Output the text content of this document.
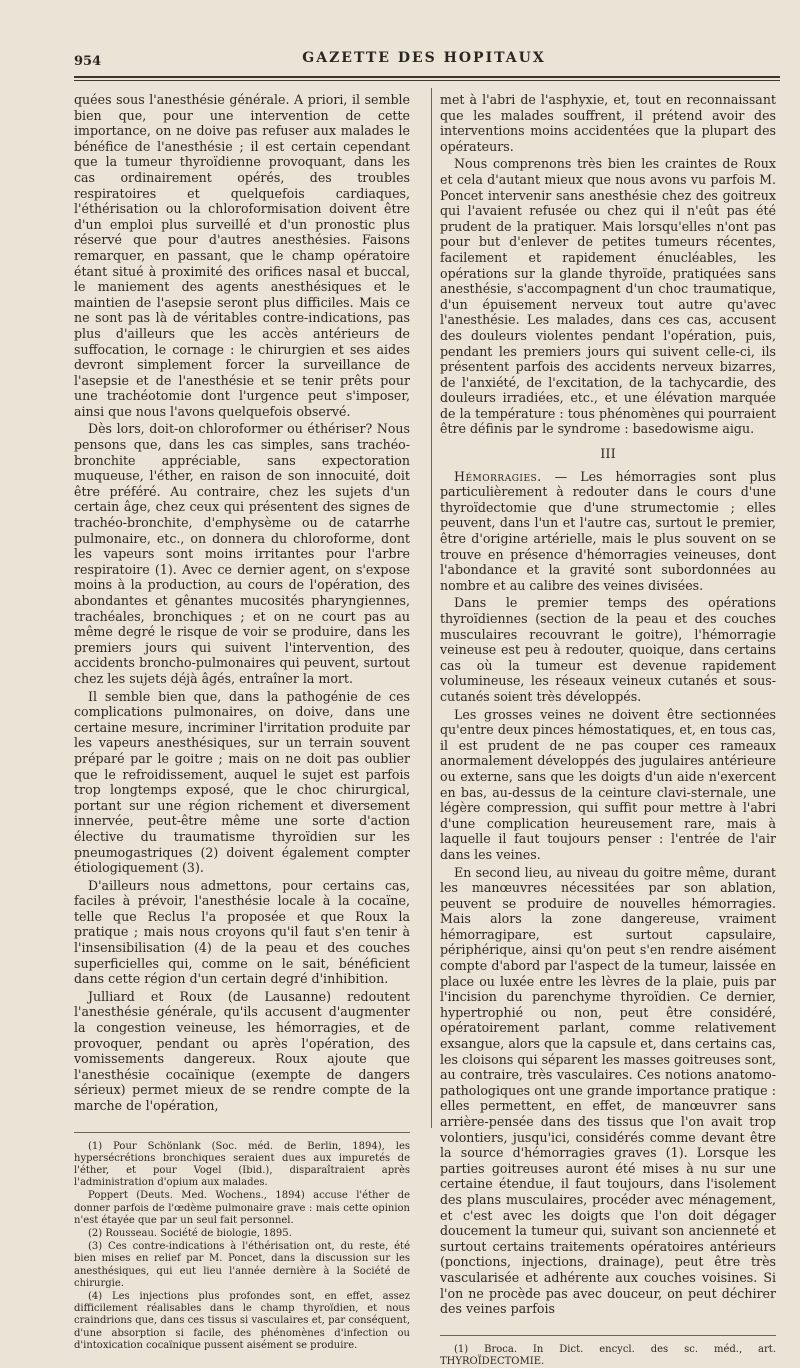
954	GAZETTE DES HOPITAUX

quées sous l'anesthésie générale. A priori, il semble bien que, pour une intervention de cette importance, on ne doive pas refuser aux malades le bénéfice de l'anesthésie ; il est certain cependant que la tumeur thyroïdienne provoquant, dans les cas ordinairement opérés, des troubles respiratoires et quelquefois cardiaques, l'éthérisation ou la chloroformisation doivent être d'un emploi plus surveillé et d'un pronostic plus réservé que pour d'autres anesthésies. Faisons remarquer, en passant, que le champ opératoire étant situé à proximité des orifices nasal et buccal, le maniement des agents anesthésiques et le maintien de l'asepsie seront plus difficiles. Mais ce ne sont pas là de véritables contre-indications, pas plus d'ailleurs que les accès antérieurs de suffocation, le cornage : le chirurgien et ses aides devront simplement forcer la surveillance de l'asepsie et de l'anesthésie et se tenir prêts pour une trachéotomie dont l'urgence peut s'imposer, ainsi que nous l'avons quelquefois observé.

Dès lors, doit-on chloroformer ou éthériser? Nous pensons que, dans les cas simples, sans trachéo-bronchite appréciable, sans expectoration muqueuse, l'éther, en raison de son innocuité, doit être préféré. Au contraire, chez les sujets d'un certain âge, chez ceux qui présentent des signes de trachéo-bronchite, d'emphysème ou de catarrhe pulmonaire, etc., on donnera du chloroforme, dont les vapeurs sont moins irritantes pour l'arbre respiratoire (1). Avec ce dernier agent, on s'expose moins à la production, au cours de l'opération, des abondantes et gênantes mucosités pharyngiennes, trachéales, bronchiques ; et on ne court pas au même degré le risque de voir se produire, dans les premiers jours qui suivent l'intervention, des accidents broncho-pulmonaires qui peuvent, surtout chez les sujets déjà âgés, entraîner la mort.

Il semble bien que, dans la pathogénie de ces complications pulmonaires, on doive, dans une certaine mesure, incriminer l'irritation produite par les vapeurs anesthésiques, sur un terrain souvent préparé par le goitre ; mais on ne doit pas oublier que le refroidissement, auquel le sujet est parfois trop longtemps exposé, que le choc chirurgical, portant sur une région richement et diversement innervée, peut-être même une sorte d'action élective du traumatisme thyroïdien sur les pneumogastriques (2) doivent également compter étiologiquement (3).

D'ailleurs nous admettons, pour certains cas, faciles à prévoir, l'anesthésie locale à la cocaïne, telle que Reclus l'a proposée et que Roux la pratique ; mais nous croyons qu'il faut s'en tenir à l'insensibilisation (4) de la peau et des couches superficielles qui, comme on le sait, bénéficient dans cette région d'un certain degré d'inhibition.

Julliard et Roux (de Lausanne) redoutent l'anesthésie générale, qu'ils accusent d'augmenter la congestion veineuse, les hémorragies, et de provoquer, pendant ou après l'opération, des vomissements dangereux. Roux ajoute que l'anesthésie cocaïnique (exempte de dangers sérieux) permet mieux de se rendre compte de la marche de l'opération,

(1) Pour Schönlank (Soc. méd. de Berlin, 1894), les hypersécrétions bronchiques seraient dues aux impuretés de l'éther, et pour Vogel (Ibid.), disparaîtraient après l'administration d'opium aux malades.

Poppert (Deuts. Med. Wochens., 1894) accuse l'éther de donner parfois de l'œdème pulmonaire grave : mais cette opinion n'est étayée que par un seul fait personnel.

(2) Rousseau. Société de biologie, 1895.

(3) Ces contre-indications à l'éthérisation ont, du reste, été bien mises en relief par M. Poncet, dans la discussion sur les anesthésiques, qui eut lieu l'année dernière à la Société de chirurgie.

(4) Les injections plus profondes sont, en effet, assez difficilement réalisables dans le champ thyroïdien, et nous craindrions que, dans ces tissus si vasculaires et, par conséquent, d'une absorption si facile, des phénomènes d'infection ou d'intoxication cocaïnique pussent aisément se produire.

met à l'abri de l'asphyxie, et, tout en reconnaissant que les malades souffrent, il prétend avoir des interventions moins accidentées que la plupart des opérateurs.

Nous comprenons très bien les craintes de Roux et cela d'autant mieux que nous avons vu parfois M. Poncet intervenir sans anesthésie chez des goitreux qui l'avaient refusée ou chez qui il n'eût pas été prudent de la pratiquer. Mais lorsqu'elles n'ont pas pour but d'enlever de petites tumeurs récentes, facilement et rapidement énucléables, les opérations sur la glande thyroïde, pratiquées sans anesthésie, s'accompagnent d'un choc traumatique, d'un épuisement nerveux tout autre qu'avec l'anesthésie. Les malades, dans ces cas, accusent des douleurs violentes pendant l'opération, puis, pendant les premiers jours qui suivent celle-ci, ils présentent parfois des accidents nerveux bizarres, de l'anxiété, de l'excitation, de la tachycardie, des douleurs irradiées, etc., et une élévation marquée de la température : tous phénomènes qui pourraient être définis par le syndrome : basedowisme aigu.

III

Hémorragies. — Les hémorragies sont plus particulièrement à redouter dans le cours d'une thyroïdectomie que d'une strumectomie ; elles peuvent, dans l'un et l'autre cas, surtout le premier, être d'origine artérielle, mais le plus souvent on se trouve en présence d'hémorragies veineuses, dont l'abondance et la gravité sont subordonnées au nombre et au calibre des veines divisées.

Dans le premier temps des opérations thyroïdiennes (section de la peau et des couches musculaires recouvrant le goitre), l'hémorragie veineuse est peu à redouter, quoique, dans certains cas où la tumeur est devenue rapidement volumineuse, les réseaux veineux cutanés et sous-cutanés soient très développés.

Les grosses veines ne doivent être sectionnées qu'entre deux pinces hémostatiques, et, en tous cas, il est prudent de ne pas couper ces rameaux anormalement développés des jugulaires antérieure ou externe, sans que les doigts d'un aide n'exercent en bas, au-dessus de la ceinture clavi-sternale, une légère compression, qui suffit pour mettre à l'abri d'une complication heureusement rare, mais à laquelle il faut toujours penser : l'entrée de l'air dans les veines.

En second lieu, au niveau du goitre même, durant les manœuvres nécessitées par son ablation, peuvent se produire de nouvelles hémorragies. Mais alors la zone dangereuse, vraiment hémorragipare, est surtout capsulaire, périphérique, ainsi qu'on peut s'en rendre aisément compte d'abord par l'aspect de la tumeur, laissée en place ou luxée entre les lèvres de la plaie, puis par l'incision du parenchyme thyroïdien. Ce dernier, hypertrophié ou non, peut être considéré, opératoirement parlant, comme relativement exsangue, alors que la capsule et, dans certains cas, les cloisons qui séparent les masses goitreuses sont, au contraire, très vasculaires. Ces notions anatomo-pathologiques ont une grande importance pratique : elles permettent, en effet, de manœuvrer sans arrière-pensée dans des tissus que l'on avait trop volontiers, jusqu'ici, considérés comme devant être la source d'hémorragies graves (1). Lorsque les parties goitreuses auront été mises à nu sur une certaine étendue, il faut toujours, dans l'isolement des plans musculaires, procéder avec ménagement, et c'est avec les doigts que l'on doit dégager doucement la tumeur qui, suivant son ancienneté et surtout certains traitements opératoires antérieurs (ponctions, injections, drainage), peut être très vascularisée et adhérente aux couches voisines. Si l'on ne procède pas avec douceur, on peut déchirer des veines parfois

(1) Broca. In Dict. encycl. des sc. méd., art. THYROÏDECTOMIE.
